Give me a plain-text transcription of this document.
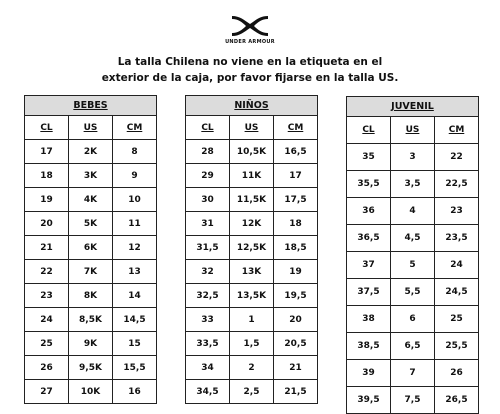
UNDER ARMOUR
La talla Chilena no viene en la etiqueta en el
exterior de la caja, por favor fijarse en la talla US.
BEBES
CL	US	CM
17	2K	8
18	3K	9
19	4K	10
20	5K	11
21	6K	12
22	7K	13
23	8K	14
24	8,5K	14,5
25	9K	15
26	9,5K	15,5
27	10K	16
NIÑOS
CL	US	CM
28	10,5K	16,5
29	11K	17
30	11,5K	17,5
31	12K	18
31,5	12,5K	18,5
32	13K	19
32,5	13,5K	19,5
33	1	20
33,5	1,5	20,5
34	2	21
34,5	2,5	21,5
JUVENIL
CL	US	CM
35	3	22
35,5	3,5	22,5
36	4	23
36,5	4,5	23,5
37	5	24
37,5	5,5	24,5
38	6	25
38,5	6,5	25,5
39	7	26
39,5	7,5	26,5
